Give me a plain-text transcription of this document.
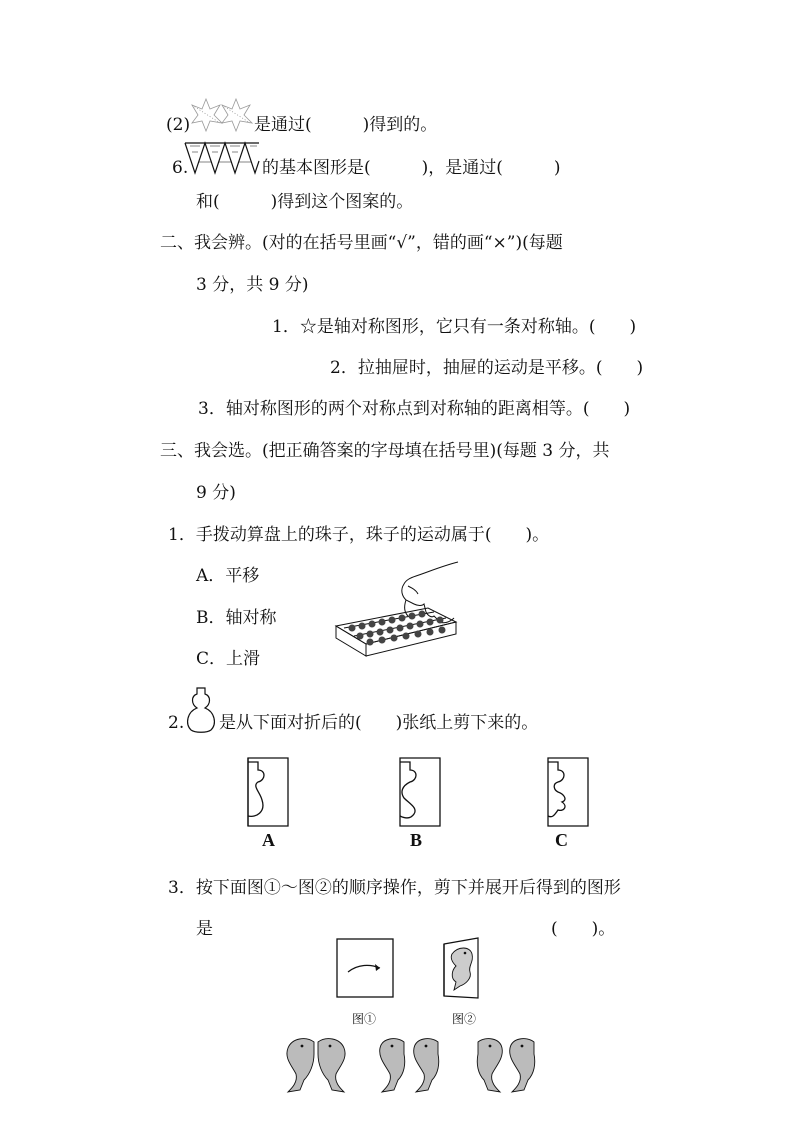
(2)	是通过(　　　)得到的。
6.	的基本图形是(　　　)，是通过(　　　)
和(　　　)得到这个图案的。
二、我会辨。(对的在括号里画“√”，错的画“×”)(每题
3 分，共 9 分)
1．☆是轴对称图形，它只有一条对称轴。(　　)
2．拉抽屉时，抽屉的运动是平移。(　　)
3．轴对称图形的两个对称点到对称轴的距离相等。(　　)
三、我会选。(把正确答案的字母填在括号里)(每题 3 分，共
9 分)
1．手拨动算盘上的珠子，珠子的运动属于(　　)。
A．平移
B．轴对称
C．上滑
2. 是从下面对折后的(　　)张纸上剪下来的。
A	B	C
3．按下面图①～图②的顺序操作，剪下并展开后得到的图形
是	(　　)。
图①	图②
